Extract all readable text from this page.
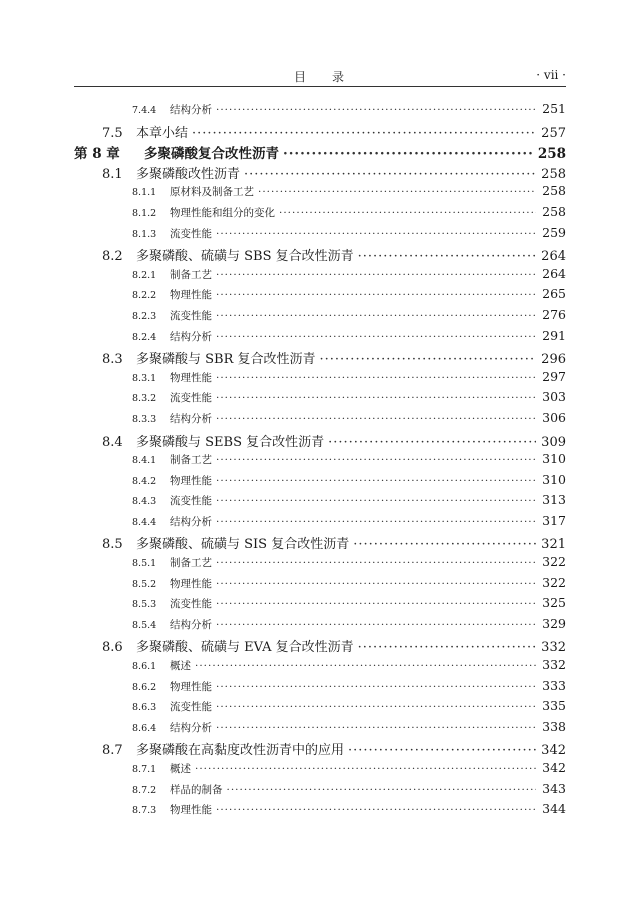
目 录	· vii ·
7.4.4	结构分析 ·····	251
7.5	本章小结 ·····	257
第 8 章	多聚磷酸复合改性沥青 ·····	258
8.1	多聚磷酸改性沥青 ·····	258
8.1.1	原材料及制备工艺 ·····	258
8.1.2	物理性能和组分的变化 ·····	258
8.1.3	流变性能 ·····	259
8.2	多聚磷酸、硫磺与 SBS 复合改性沥青 ·····	264
8.2.1	制备工艺 ·····	264
8.2.2	物理性能 ·····	265
8.2.3	流变性能 ·····	276
8.2.4	结构分析 ·····	291
8.3	多聚磷酸与 SBR 复合改性沥青 ·····	296
8.3.1	物理性能 ·····	297
8.3.2	流变性能 ·····	303
8.3.3	结构分析 ·····	306
8.4	多聚磷酸与 SEBS 复合改性沥青 ·····	309
8.4.1	制备工艺 ·····	310
8.4.2	物理性能 ·····	310
8.4.3	流变性能 ·····	313
8.4.4	结构分析 ·····	317
8.5	多聚磷酸、硫磺与 SIS 复合改性沥青 ·····	321
8.5.1	制备工艺 ·····	322
8.5.2	物理性能 ·····	322
8.5.3	流变性能 ·····	325
8.5.4	结构分析 ·····	329
8.6	多聚磷酸、硫磺与 EVA 复合改性沥青 ·····	332
8.6.1	概述 ·····	332
8.6.2	物理性能 ·····	333
8.6.3	流变性能 ·····	335
8.6.4	结构分析 ·····	338
8.7	多聚磷酸在高黏度改性沥青中的应用 ·····	342
8.7.1	概述 ·····	342
8.7.2	样品的制备 ·····	343
8.7.3	物理性能 ·····	344
